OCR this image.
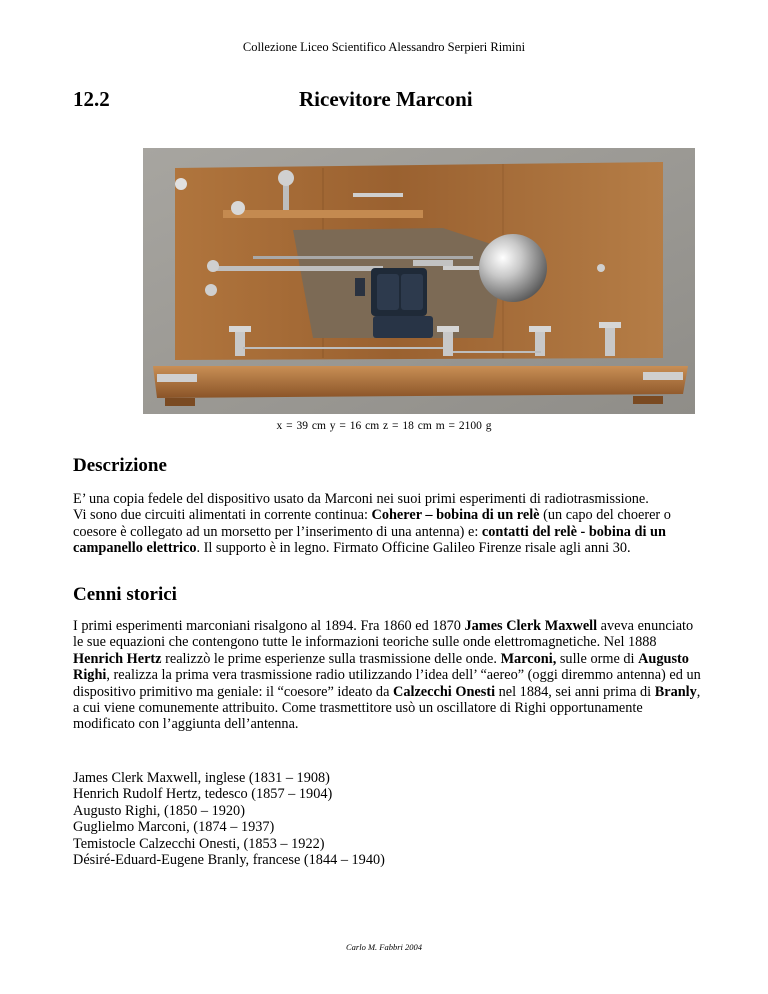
Collezione Liceo Scientifico Alessandro Serpieri Rimini
12.2	Ricevitore Marconi
x = 39 cm y = 16 cm z = 18 cm m = 2100 g
Descrizione
E’ una copia fedele del dispositivo usato da Marconi nei suoi primi esperimenti di radiotrasmissione.
Vi sono due circuiti alimentati in corrente continua: Coherer – bobina di un relè (un capo del choerer o coesore è collegato ad un morsetto per l’inserimento di una antenna) e: contatti del relè - bobina di un campanello elettrico. Il supporto è in legno. Firmato Officine Galileo Firenze risale agli anni 30.
Cenni storici
I primi esperimenti marconiani risalgono al 1894. Fra 1860 ed 1870 James Clerk Maxwell aveva enunciato le sue equazioni che contengono tutte le informazioni teoriche sulle onde elettromagnetiche. Nel 1888 Henrich Hertz realizzò le prime esperienze sulla trasmissione delle onde. Marconi, sulle orme di Augusto Righi, realizza la prima vera trasmissione radio utilizzando l’idea dell’ “aereo” (oggi diremmo antenna) ed un dispositivo primitivo ma geniale: il “coesore” ideato da Calzecchi Onesti nel 1884, sei anni prima di Branly, a cui viene comunemente attribuito. Come trasmettitore usò un oscillatore di Righi opportunamente modificato con l’aggiunta dell’antenna.
James Clerk Maxwell, inglese (1831 – 1908)
Henrich Rudolf Hertz, tedesco (1857 – 1904)
Augusto Righi, (1850 – 1920)
Guglielmo Marconi, (1874 – 1937)
Temistocle Calzecchi Onesti, (1853 – 1922)
Désiré-Eduard-Eugene Branly, francese (1844 – 1940)
Carlo M. Fabbri 2004
